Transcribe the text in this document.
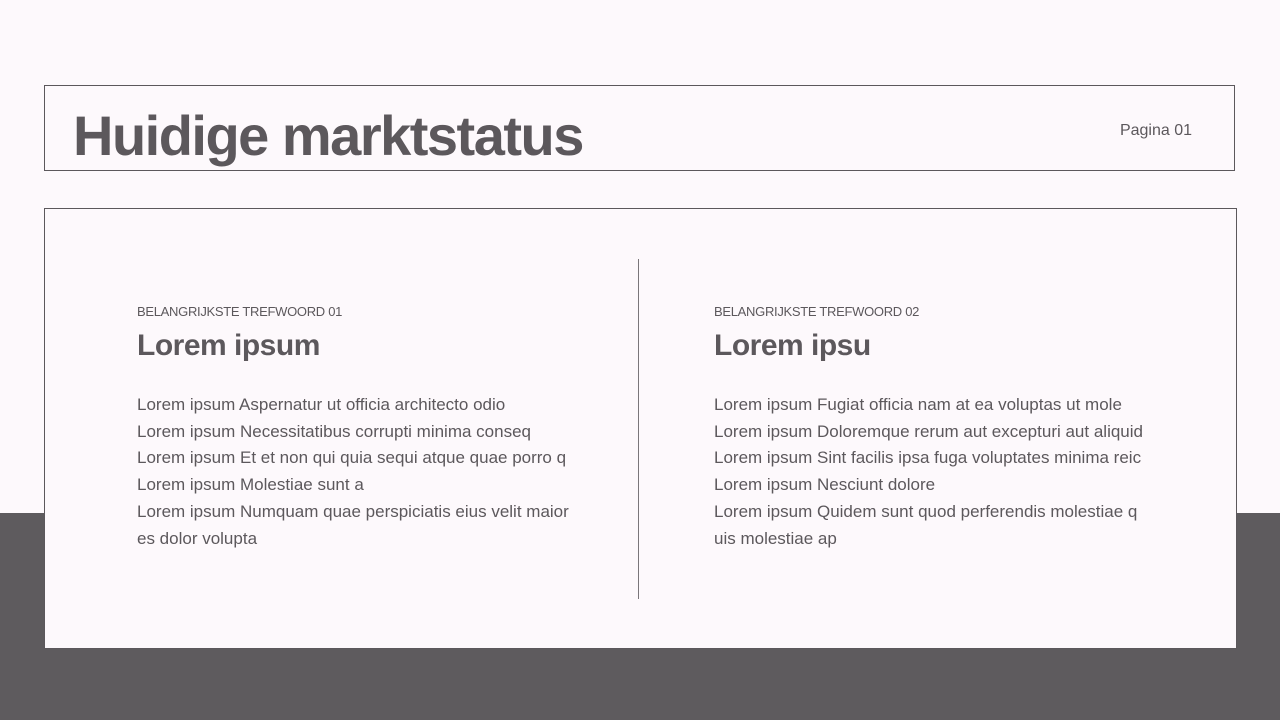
Huidige marktstatus	Pagina 01
BELANGRIJKSTE TREFWOORD 01
Lorem ipsum
Lorem ipsum Aspernatur ut officia architecto odio
Lorem ipsum Necessitatibus corrupti minima conseq
Lorem ipsum Et et non qui quia sequi atque quae porro q
Lorem ipsum Molestiae sunt a
Lorem ipsum Numquam quae perspiciatis eius velit maior
es dolor volupta
BELANGRIJKSTE TREFWOORD 02
Lorem ipsu
Lorem ipsum Fugiat officia nam at ea voluptas ut mole
Lorem ipsum Doloremque rerum aut excepturi aut aliquid
Lorem ipsum Sint facilis ipsa fuga voluptates minima reic
Lorem ipsum Nesciunt dolore
Lorem ipsum Quidem sunt quod perferendis molestiae q
uis molestiae ap
